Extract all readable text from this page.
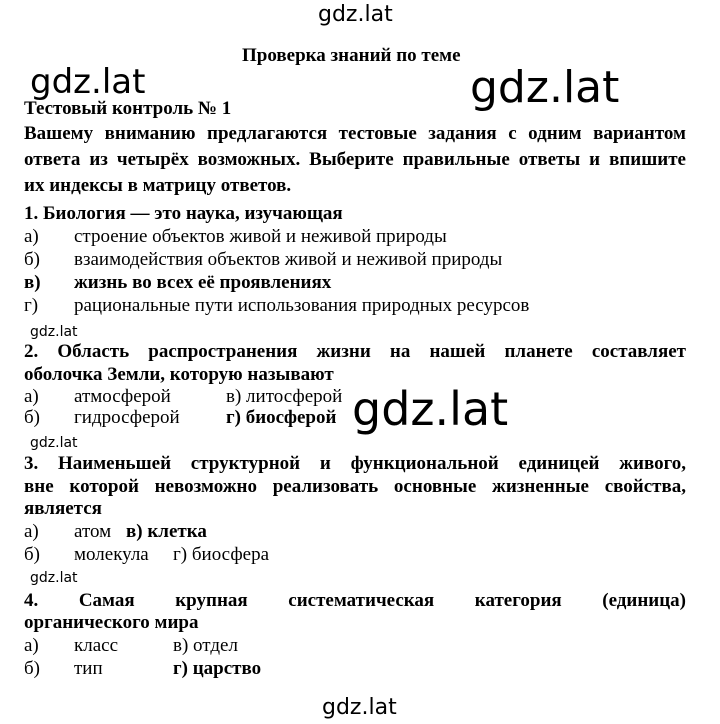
gdz.lat
gdz.lat	gdz.lat
gdz.lat
gdz.lat
gdz.lat
gdz.lat
gdz.lat
Проверка знаний по теме
Тестовый контроль № 1
Вашему вниманию предлагаются тестовые задания с одним вариантом
ответа из четырёх возможных. Выберите правильные ответы и впишите
их индексы в матрицу ответов.
1. Биология — это наука, изучающая
а) строение объектов живой и неживой природы
б) взаимодействия объектов живой и неживой природы
в) жизнь во всех её проявлениях
г) рациональные пути использования природных ресурсов
2. Область распространения жизни на нашей планете составляет
оболочка Земли, которую называют
а) атмосферой	в) литосферой
б) гидросферой г) биосферой
3. Наименьшей структурной и функциональной единицей живого,
вне которой невозможно реализовать основные жизненные свойства,
является
а) атом в) клетка
б) молекула г) биосфера
4. Самая крупная систематическая категория (единица)
органического мира
а) класс	в) отдел
б) тип	г) царство
